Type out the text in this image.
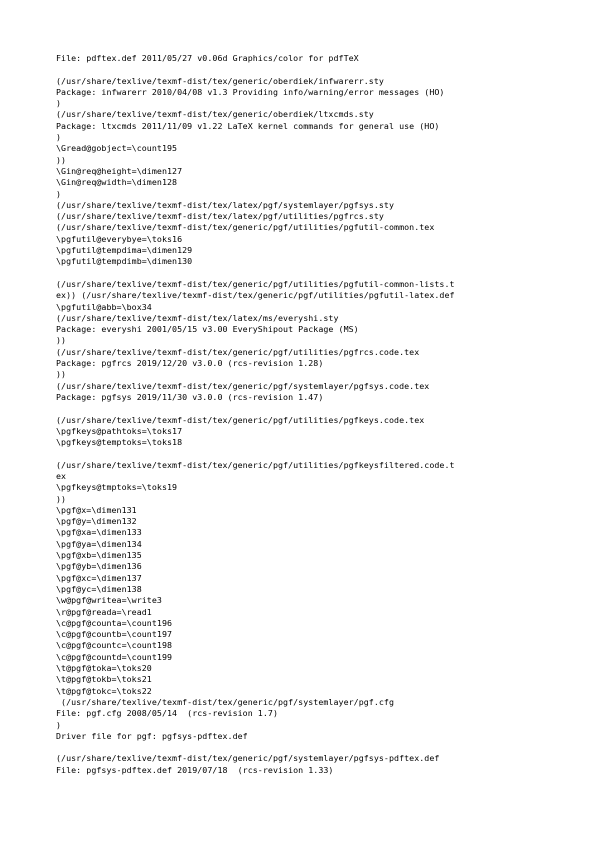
File: pdftex.def 2011/05/27 v0.06d Graphics/color for pdfTeX
(/usr/share/texlive/texmf-dist/tex/generic/oberdiek/infwarerr.sty
Package: infwarerr 2010/04/08 v1.3 Providing info/warning/error messages (HO)
)
(/usr/share/texlive/texmf-dist/tex/generic/oberdiek/ltxcmds.sty
Package: ltxcmds 2011/11/09 v1.22 LaTeX kernel commands for general use (HO)
)
\Gread@gobject=\count195
))
\Gin@req@height=\dimen127
\Gin@req@width=\dimen128
)
(/usr/share/texlive/texmf-dist/tex/latex/pgf/systemlayer/pgfsys.sty
(/usr/share/texlive/texmf-dist/tex/latex/pgf/utilities/pgfrcs.sty
(/usr/share/texlive/texmf-dist/tex/generic/pgf/utilities/pgfutil-common.tex
\pgfutil@everybye=\toks16
\pgfutil@tempdima=\dimen129
\pgfutil@tempdimb=\dimen130
(/usr/share/texlive/texmf-dist/tex/generic/pgf/utilities/pgfutil-common-lists.t
ex)) (/usr/share/texlive/texmf-dist/tex/generic/pgf/utilities/pgfutil-latex.def
\pgfutil@abb=\box34
(/usr/share/texlive/texmf-dist/tex/latex/ms/everyshi.sty
Package: everyshi 2001/05/15 v3.00 EveryShipout Package (MS)
))
(/usr/share/texlive/texmf-dist/tex/generic/pgf/utilities/pgfrcs.code.tex
Package: pgfrcs 2019/12/20 v3.0.0 (rcs-revision 1.28)
))
(/usr/share/texlive/texmf-dist/tex/generic/pgf/systemlayer/pgfsys.code.tex
Package: pgfsys 2019/11/30 v3.0.0 (rcs-revision 1.47)
(/usr/share/texlive/texmf-dist/tex/generic/pgf/utilities/pgfkeys.code.tex
\pgfkeys@pathtoks=\toks17
\pgfkeys@temptoks=\toks18
(/usr/share/texlive/texmf-dist/tex/generic/pgf/utilities/pgfkeysfiltered.code.t
ex
\pgfkeys@tmptoks=\toks19
))
\pgf@x=\dimen131
\pgf@y=\dimen132
\pgf@xa=\dimen133
\pgf@ya=\dimen134
\pgf@xb=\dimen135
\pgf@yb=\dimen136
\pgf@xc=\dimen137
\pgf@yc=\dimen138
\w@pgf@writea=\write3
\r@pgf@reada=\read1
\c@pgf@counta=\count196
\c@pgf@countb=\count197
\c@pgf@countc=\count198
\c@pgf@countd=\count199
\t@pgf@toka=\toks20
\t@pgf@tokb=\toks21
\t@pgf@tokc=\toks22
(/usr/share/texlive/texmf-dist/tex/generic/pgf/systemlayer/pgf.cfg
File: pgf.cfg 2008/05/14  (rcs-revision 1.7)
)
Driver file for pgf: pgfsys-pdftex.def
(/usr/share/texlive/texmf-dist/tex/generic/pgf/systemlayer/pgfsys-pdftex.def
File: pgfsys-pdftex.def 2019/07/18  (rcs-revision 1.33)
